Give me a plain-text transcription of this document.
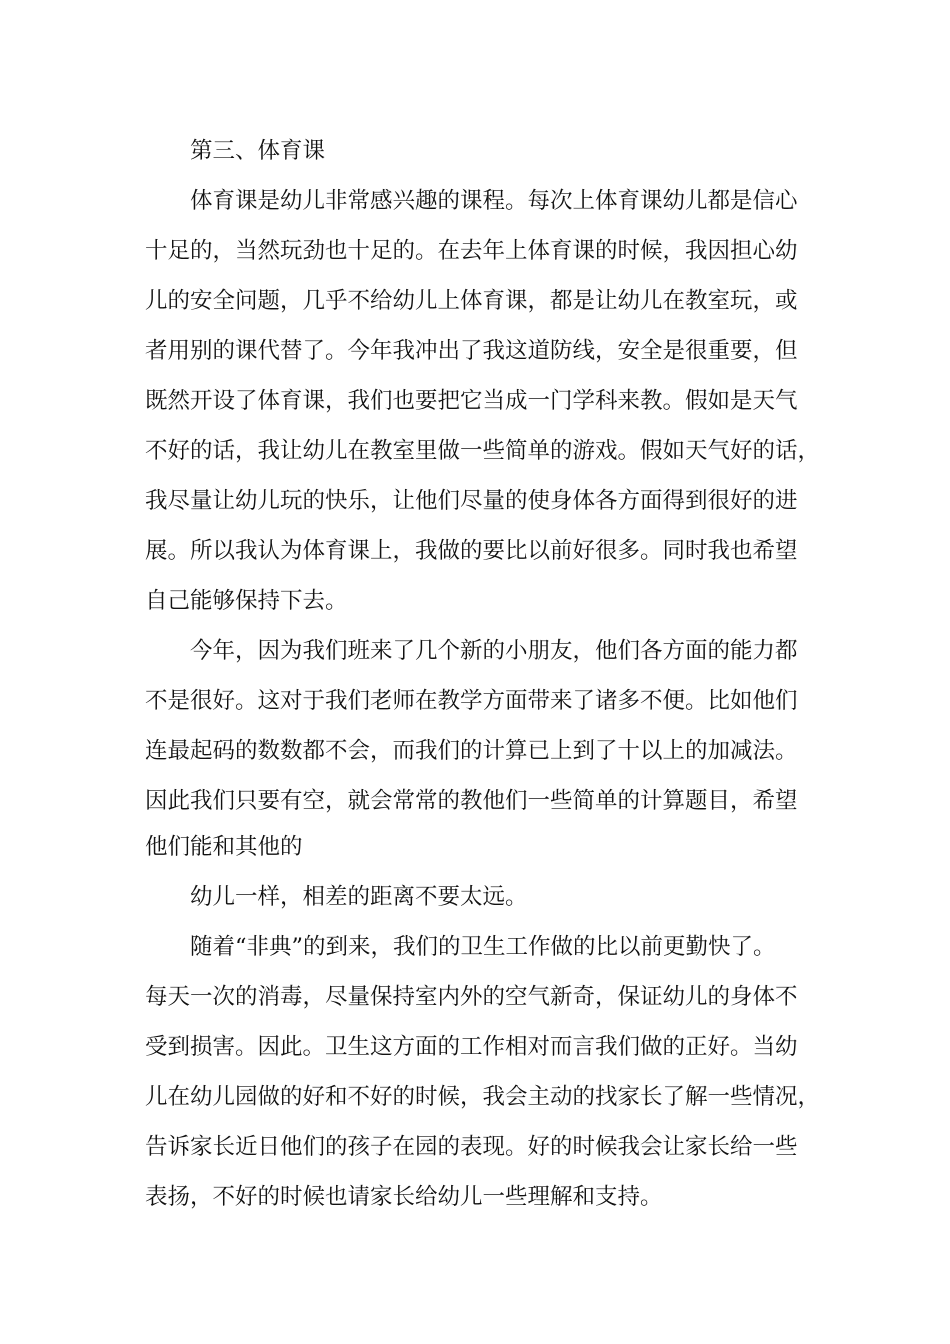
第三、体育课
体育课是幼儿非常感兴趣的课程。每次上体育课幼儿都是信心
十足的，当然玩劲也十足的。在去年上体育课的时候，我因担心幼
儿的安全问题，几乎不给幼儿上体育课，都是让幼儿在教室玩，或
者用别的课代替了。今年我冲出了我这道防线，安全是很重要，但
既然开设了体育课，我们也要把它当成一门学科来教。假如是天气
不好的话，我让幼儿在教室里做一些简单的游戏。假如天气好的话，
我尽量让幼儿玩的快乐，让他们尽量的使身体各方面得到很好的进
展。所以我认为体育课上，我做的要比以前好很多。同时我也希望
自己能够保持下去。
今年，因为我们班来了几个新的小朋友，他们各方面的能力都
不是很好。这对于我们老师在教学方面带来了诸多不便。比如他们
连最起码的数数都不会，而我们的计算已上到了十以上的加减法。
因此我们只要有空，就会常常的教他们一些简单的计算题目，希望
他们能和其他的
幼儿一样，相差的距离不要太远。
随着“非典”的到来，我们的卫生工作做的比以前更勤快了。
每天一次的消毒，尽量保持室内外的空气新奇，保证幼儿的身体不
受到损害。因此。卫生这方面的工作相对而言我们做的正好。当幼
儿在幼儿园做的好和不好的时候，我会主动的找家长了解一些情况，
告诉家长近日他们的孩子在园的表现。好的时候我会让家长给一些
表扬，不好的时候也请家长给幼儿一些理解和支持。
